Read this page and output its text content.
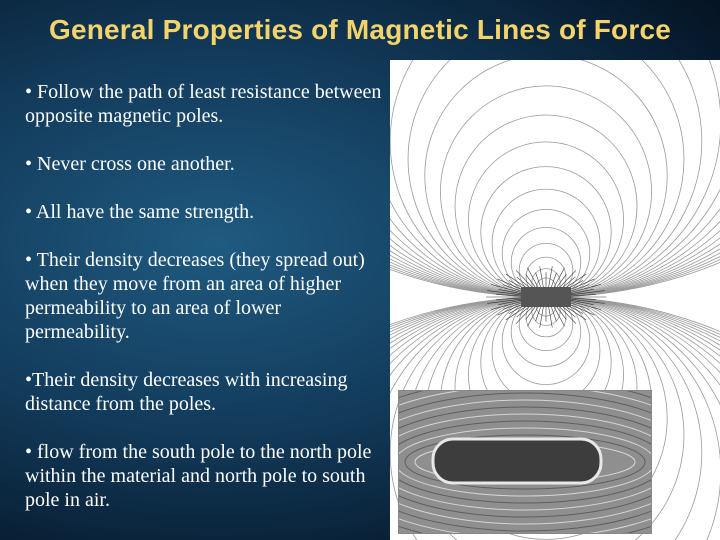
General Properties of Magnetic Lines of Force
• Follow the path of least resistance between opposite magnetic poles.
• Never cross one another.
• All have the same strength.
• Their density decreases (they spread out) when they move from an area of higher permeability to an area of lower permeability.
•Their density decreases with increasing distance from the poles.
• flow from the south pole to the north pole within the material and north pole to south pole in air.
